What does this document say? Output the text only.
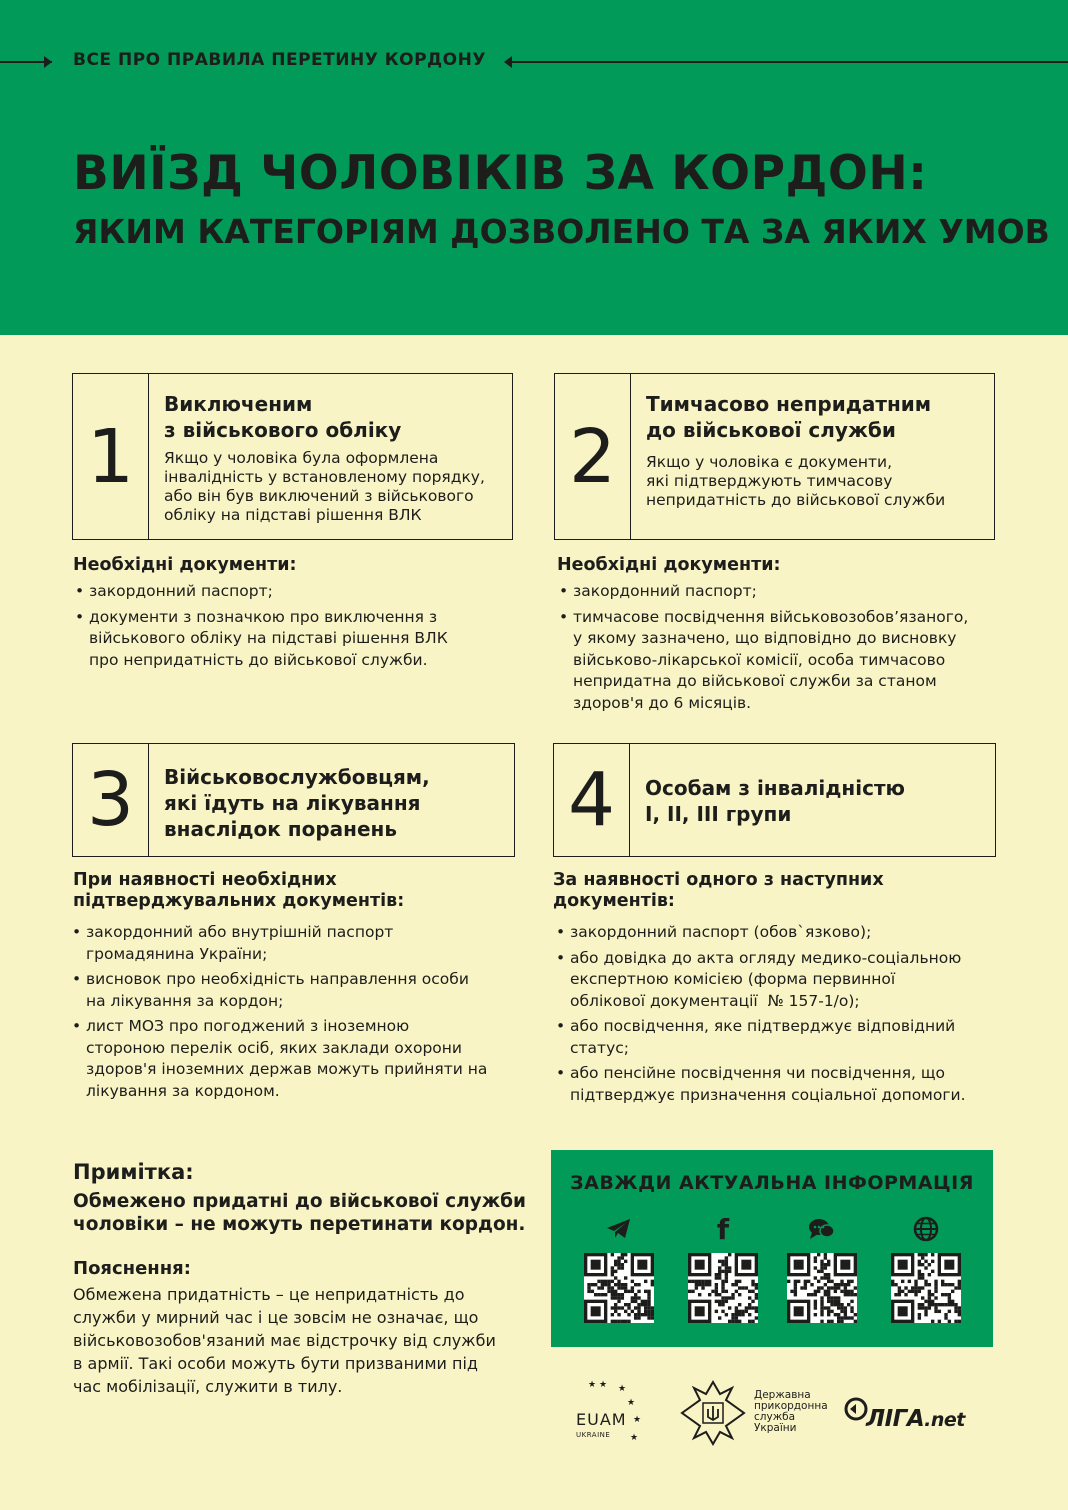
ВСЕ ПРО ПРАВИЛА ПЕРЕТИНУ КОРДОНУ
ВИЇЗД ЧОЛОВІКІВ ЗА КОРДОН:
ЯКИМ КАТЕГОРІЯМ ДОЗВОЛЕНО ТА ЗА ЯКИХ УМОВ
1
Виключеним
з військового обліку
Якщо у чоловіка була оформлена
інвалідність у встановленому порядку,
або він був виключений з військового
обліку на підставі рішення ВЛК
Необхідні документи:
• закордонний паспорт;
• документи з позначкою про виключення з
військового обліку на підставі рішення ВЛК
про непридатність до військової служби.
2
Тимчасово непридатним
до військової служби
Якщо у чоловіка є документи,
які підтверджують тимчасову
непридатність до військової служби
Необхідні документи:
• закордонний паспорт;
• тимчасове посвідчення військовозобов’язаного,
у якому зазначено, що відповідно до висновку
військово-лікарської комісії, особа тимчасово
непридатна до військової служби за станом
здоров'я до 6 місяців.
3	Військовослужбовцям,
які їдуть на лікування
внаслідок поранень
При наявності необхідних
підтверджувальних документів:
• закордонний або внутрішній паспорт
громадянина України;
• висновок про необхідність направлення особи
на лікування за кордон;
• лист МОЗ про погоджений з іноземною
стороною перелік осіб, яких заклади охорони
здоров'я іноземних держав можуть прийняти на
лікування за кордоном.
4	Особам з інвалідністю
I, II, III групи
За наявності одного з наступних
документів:
• закордонний паспорт (обов`язково);
• або довідка до акта огляду медико-соціальною
експертною комісією (форма первинної
облікової документації  № 157-1/о);
• або посвідчення, яке підтверджує відповідний
статус;
• або пенсійне посвідчення чи посвідчення, що
підтверджує призначення соціальної допомоги.
Примітка:
Обмежено придатні до військової служби
чоловіки – не можуть перетинати кордон.
Пояснення:
Обмежена придатність – це непридатність до
служби у мирний час і це зовсім не означає, що
військовозобов'язаний має відстрочку від служби
в армії. Такі особи можуть бути призваними під
час мобілізації, служити в тилу.
ЗАВЖДИ АКТУАЛЬНА ІНФОРМАЦІЯ
f
★ ★ ★
★
★
★
EUAM
UKRAINE
Державна
прикордонна
служба
України	ЛІГА.net
